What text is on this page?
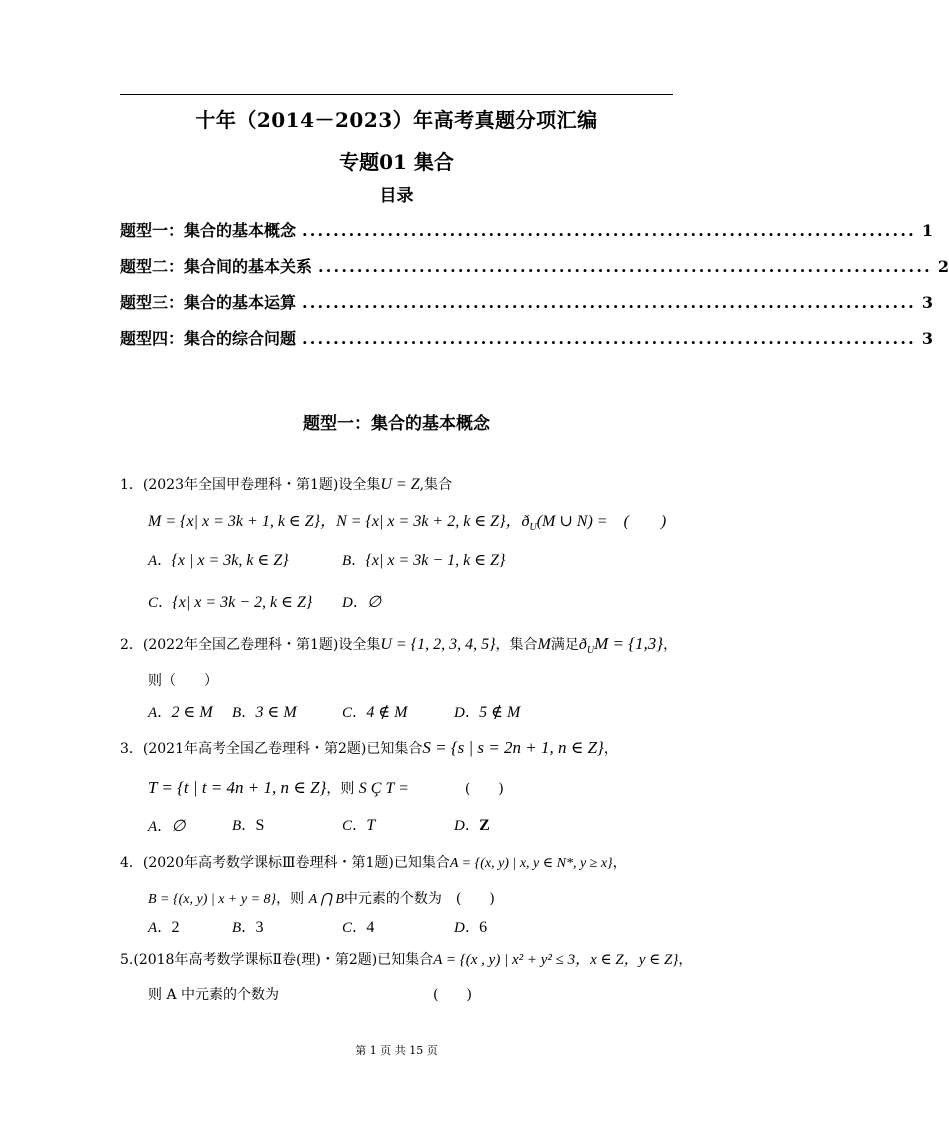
十年（2014－2023）年高考真题分项汇编
专题01 集合
目录
题型一：集合的基本概念 ............................................................................... 1
题型二：集合间的基本关系 ............................................................................... 2
题型三：集合的基本运算 ............................................................................... 3
题型四：集合的综合问题 ............................................................................... 3
题型一：集合的基本概念
1．(2023年全国甲卷理科・第1题)设全集U = Z,集合
M = {x| x = 3k + 1, k ∈ Z}，N = {x| x = 3k + 2, k ∈ Z}，$ð_U(M$ ∪ N) =　(　　)
A.  {x | x = 3k, k ∈ Z}	B.  {x| x = 3k − 1, k ∈ Z}
C.  {x| x = 3k − 2, k ∈ Z} D.  ∅
2．(2022年全国乙卷理科・第1题)设全集U = {1, 2, 3, 4, 5}，集合M满足$ð_UM = \{1,3\}$，
则（　　）
A.  2 ∈ M B.  3 ∈ M	C.  4 ∉ M	D.  5 ∉ M
3．(2021年高考全国乙卷理科・第2题)已知集合S = {s | s = 2n + 1, n ∈ Z}，
T = {t | t = 4n + 1, n ∈ Z}，则 S Ç T =	(　　)
A.  ∅	B.  S	C.  T	D.  Z
4．(2020年高考数学课标Ⅲ卷理科・第1题)已知集合A = {(x, y) | x, y ∈ N*, y ≥ x}，
B = {(x, y) | x + y = 8}，则 A ⋂ B中元素的个数为　(　　)
A.  2	B.  3	C.  4	D.  6
5.(2018年高考数学课标Ⅱ卷(理)・第2题)已知集合A = {(x , y) | x² + y² ≤ 3，x ∈ Z，y ∈ Z}，
则 A 中元素的个数为	(　　)
第 1 页 共 15 页
